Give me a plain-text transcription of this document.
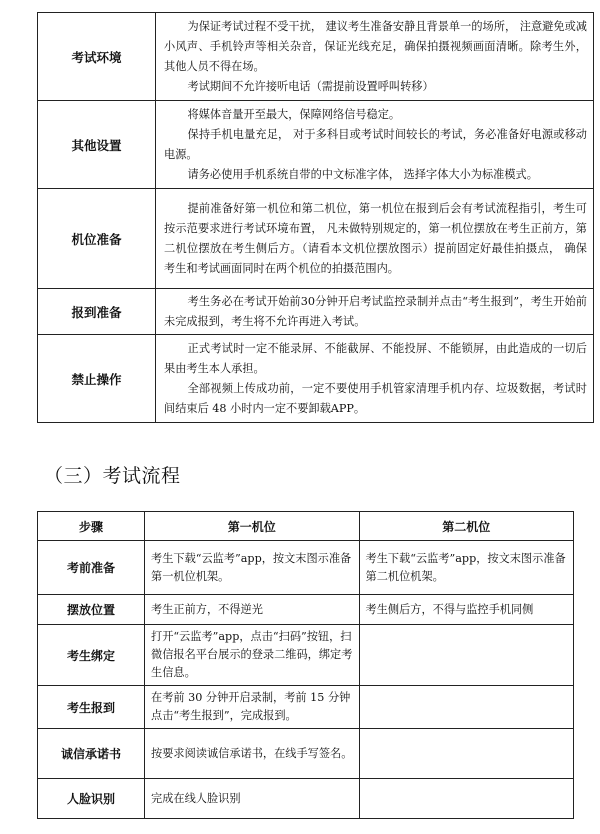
考试环境	为保证考试过程不受干扰， 建议考生准备安静且背景单一的场所， 注意避免或减小风声、手机铃声等相关杂音，保证光线充足，确保拍摄视频画面清晰。除考生外，其他人员不得在场。

考试期间不允许接听电话（需提前设置呼叫转移）

其他设置	将媒体音量开至最大，保障网络信号稳定。

保持手机电量充足， 对于多科目或考试时间较长的考试，务必准备好电源或移动电源。

请务必使用手机系统自带的中文标准字体， 选择字体大小为标准模式。

机位准备	提前准备好第一机位和第二机位，第一机位在报到后会有考试流程指引，考生可按示范要求进行考试环境布置， 凡未做特别规定的，第一机位摆放在考生正前方，第二机位摆放在考生侧后方。（请看本文机位摆放图示）提前固定好最佳拍摄点， 确保考生和考试画面同时在两个机位的拍摄范围内。

报到准备	考生务必在考试开始前30分钟开启考试监控录制并点击“考生报到”，考生开始前未完成报到，考生将不允许再进入考试。

禁止操作	正式考试时一定不能录屏、不能截屏、不能投屏、不能锁屏，由此造成的一切后果由考生本人承担。

全部视频上传成功前，一定不要使用手机管家清理手机内存、垃圾数据，考试时间结束后 48 小时内一定不要卸载APP。

（三）考试流程
步骤	第一机位	第二机位
考前准备	考生下载“云监考”app，按文末图示准备第一机位机架。	考生下载“云监考”app，按文末图示准备第二机位机架。
摆放位置	考生正前方，不得逆光	考生侧后方，不得与监控手机同侧
考生绑定	打开“云监考”app，点击“扫码”按钮，扫微信报名平台展示的登录二维码，绑定考生信息。	
考生报到	在考前 30 分钟开启录制，考前 15 分钟点击“考生报到”，完成报到。	
诚信承诺书	按要求阅读诚信承诺书，在线手写签名。	
人脸识别	完成在线人脸识别	
